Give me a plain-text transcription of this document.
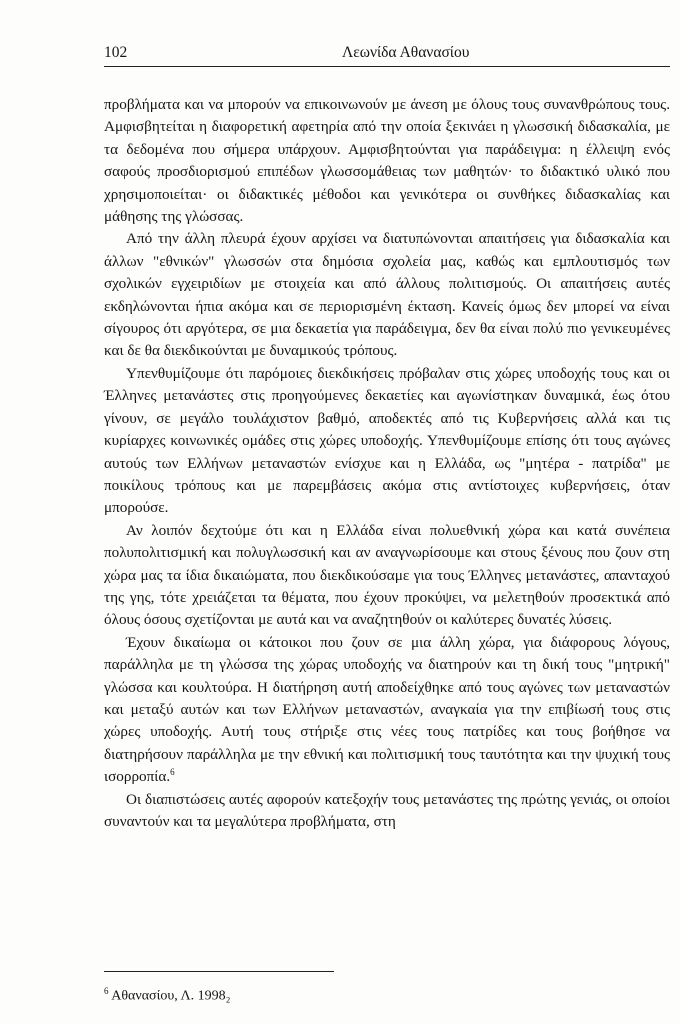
102	Λεωνίδα Αθανασίου

προβλήματα και να μπορούν να επικοινωνούν με άνεση με όλους τους συνανθρώπους τους. Αμφισβητείται η διαφορετική αφετηρία από την οποία ξεκινάει η γλωσσική διδασκαλία, με τα δεδομένα που σήμερα υπάρχουν. Αμφισβητούνται για παράδειγμα: η έλλειψη ενός σαφούς προσδιορισμού επιπέδων γλωσσομάθειας των μαθητών· το διδακτικό υλικό που χρησιμοποιείται· οι διδακτικές μέθοδοι και γενικότερα οι συνθήκες διδασκαλίας και μάθησης της γλώσσας.

Από την άλλη πλευρά έχουν αρχίσει να διατυπώνονται απαιτήσεις για διδασκαλία και άλλων "εθνικών" γλωσσών στα δημόσια σχολεία μας, καθώς και εμπλουτισμός των σχολικών εγχειριδίων με στοιχεία και από άλλους πολιτισμούς. Οι απαιτήσεις αυτές εκδηλώνονται ήπια ακόμα και σε περιορισμένη έκταση. Κανείς όμως δεν μπορεί να είναι σίγουρος ότι αργότερα, σε μια δεκαετία για παράδειγμα, δεν θα είναι πολύ πιο γενικευμένες και δε θα διεκδικούνται με δυναμικούς τρόπους.

Υπενθυμίζουμε ότι παρόμοιες διεκδικήσεις πρόβαλαν στις χώρες υποδοχής τους και οι Έλληνες μετανάστες στις προηγούμενες δεκαετίες και αγωνίστηκαν δυναμικά, έως ότου γίνουν, σε μεγάλο τουλάχιστον βαθμό, αποδεκτές από τις Κυβερνήσεις αλλά και τις κυρίαρχες κοινωνικές ομάδες στις χώρες υποδοχής. Υπενθυμίζουμε επίσης ότι τους αγώνες αυτούς των Ελλήνων μεταναστών ενίσχυε και η Ελλάδα, ως "μητέρα - πατρίδα" με ποικίλους τρόπους και με παρεμβάσεις ακόμα στις αντίστοιχες κυβερνήσεις, όταν μπορούσε.

Αν λοιπόν δεχτούμε ότι και η Ελλάδα είναι πολυεθνική χώρα και κατά συνέπεια πολυπολιτισμική και πολυγλωσσική και αν αναγνωρίσουμε και στους ξένους που ζουν στη χώρα μας τα ίδια δικαιώματα, που διεκδικούσαμε για τους Έλληνες μετανάστες, απανταχού της γης, τότε χρειάζεται τα θέματα, που έχουν προκύψει, να μελετηθούν προσεκτικά από όλους όσους σχετίζονται με αυτά και να αναζητηθούν οι καλύτερες δυνατές λύσεις.

Έχουν δικαίωμα οι κάτοικοι που ζουν σε μια άλλη χώρα, για διάφορους λόγους, παράλληλα με τη γλώσσα της χώρας υποδοχής να διατηρούν και τη δική τους "μητρική" γλώσσα και κουλτούρα. Η διατήρηση αυτή αποδείχθηκε από τους αγώνες των μεταναστών και μεταξύ αυτών και των Ελλήνων μεταναστών, αναγκαία για την επιβίωσή τους στις χώρες υποδοχής. Αυτή τους στήριξε στις νέες τους πατρίδες και τους βοήθησε να διατηρήσουν παράλληλα με την εθνική και πολιτισμική τους ταυτότητα και την ψυχική τους ισορροπία.$^6$

Οι διαπιστώσεις αυτές αφορούν κατεξοχήν τους μετανάστες της πρώτης γενιάς, οι οποίοι συναντούν και τα μεγαλύτερα προβλήματα, στη

$^6$ Αθανασίου, Λ. 1998₂
